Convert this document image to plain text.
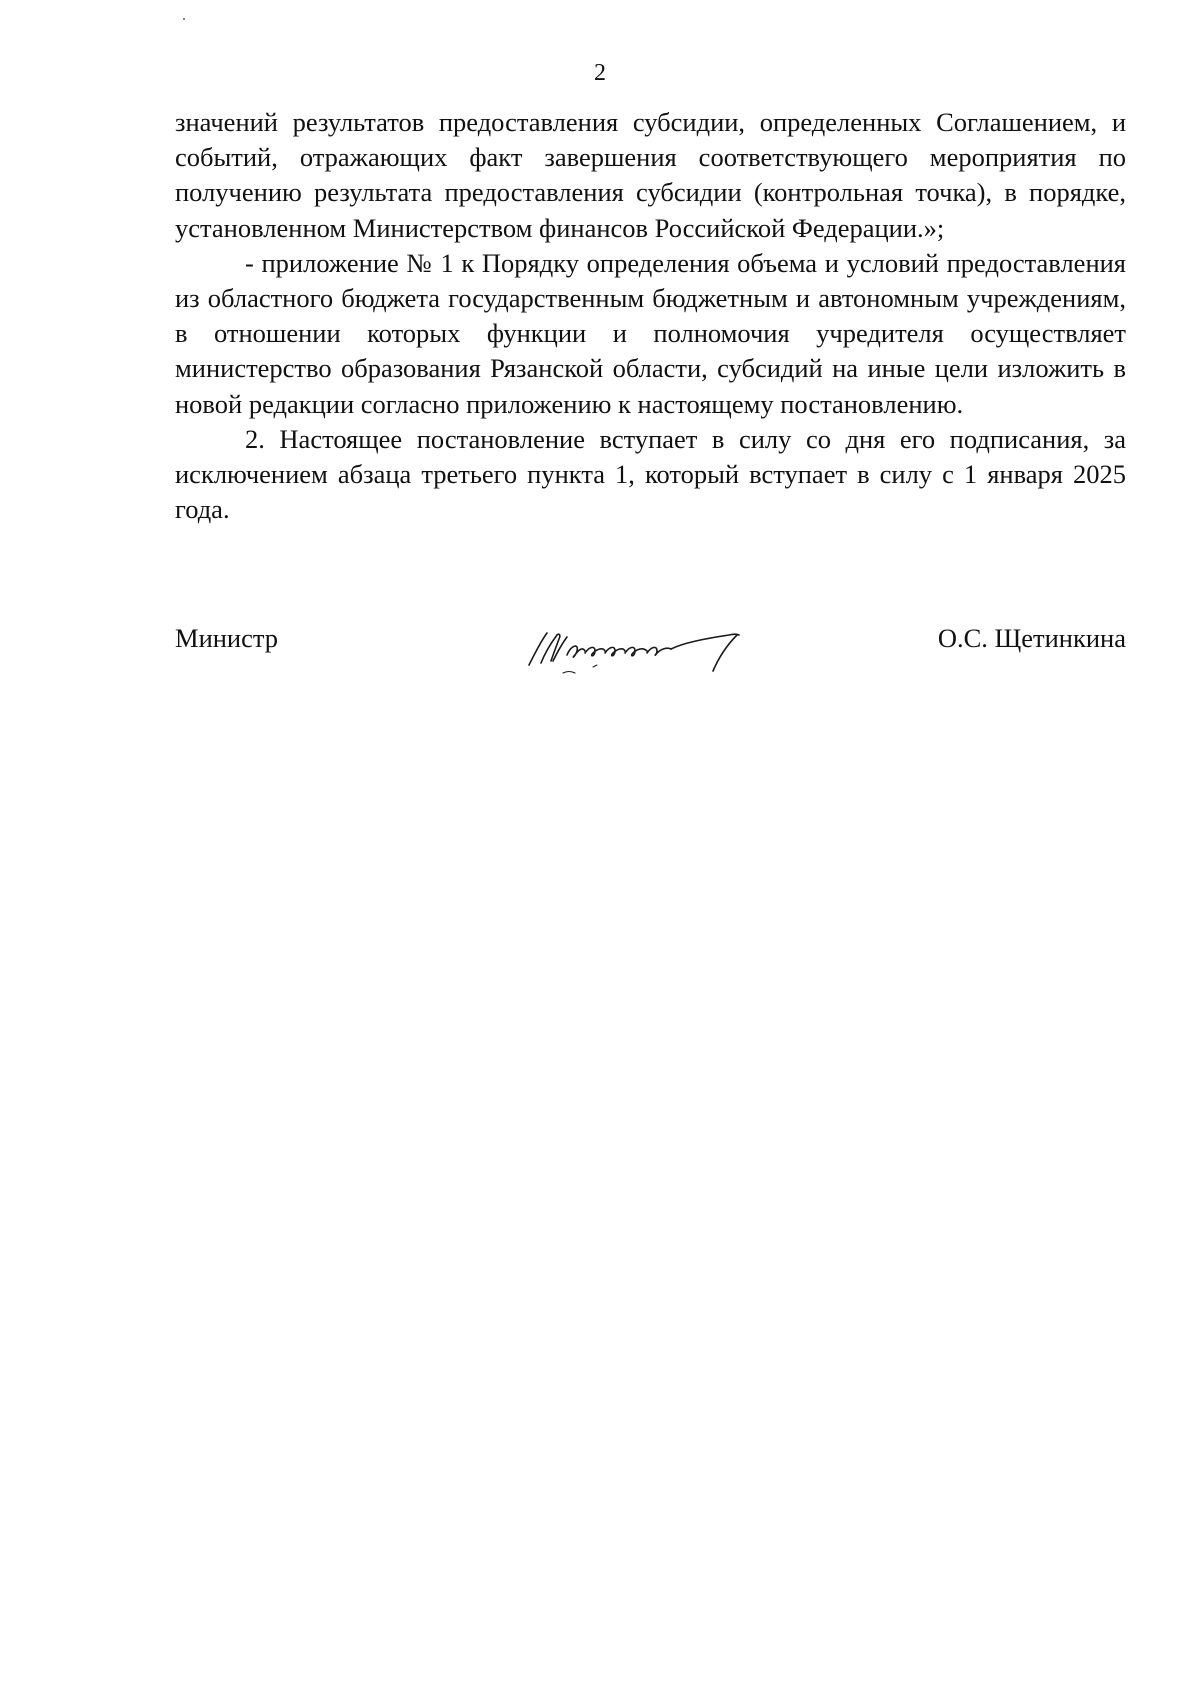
2

значений результатов предоставления субсидии, определенных Соглашением, и событий, отражающих факт завершения соответствующего мероприятия по получению результата предоставления субсидии (контрольная точка), в порядке, установленном Министерством финансов Российской Федерации.»;

- приложение № 1 к Порядку определения объема и условий предоставления из областного бюджета государственным бюджетным и автономным учреждениям, в отношении которых функции и полномочия учредителя осуществляет министерство образования Рязанской области, субсидий на иные цели изложить в новой редакции согласно приложению к настоящему постановлению.

2. Настоящее постановление вступает в силу со дня его подписания, за исключением абзаца третьего пункта 1, который вступает в силу с 1 января 2025 года.

Министр	О.С. Щетинкина
